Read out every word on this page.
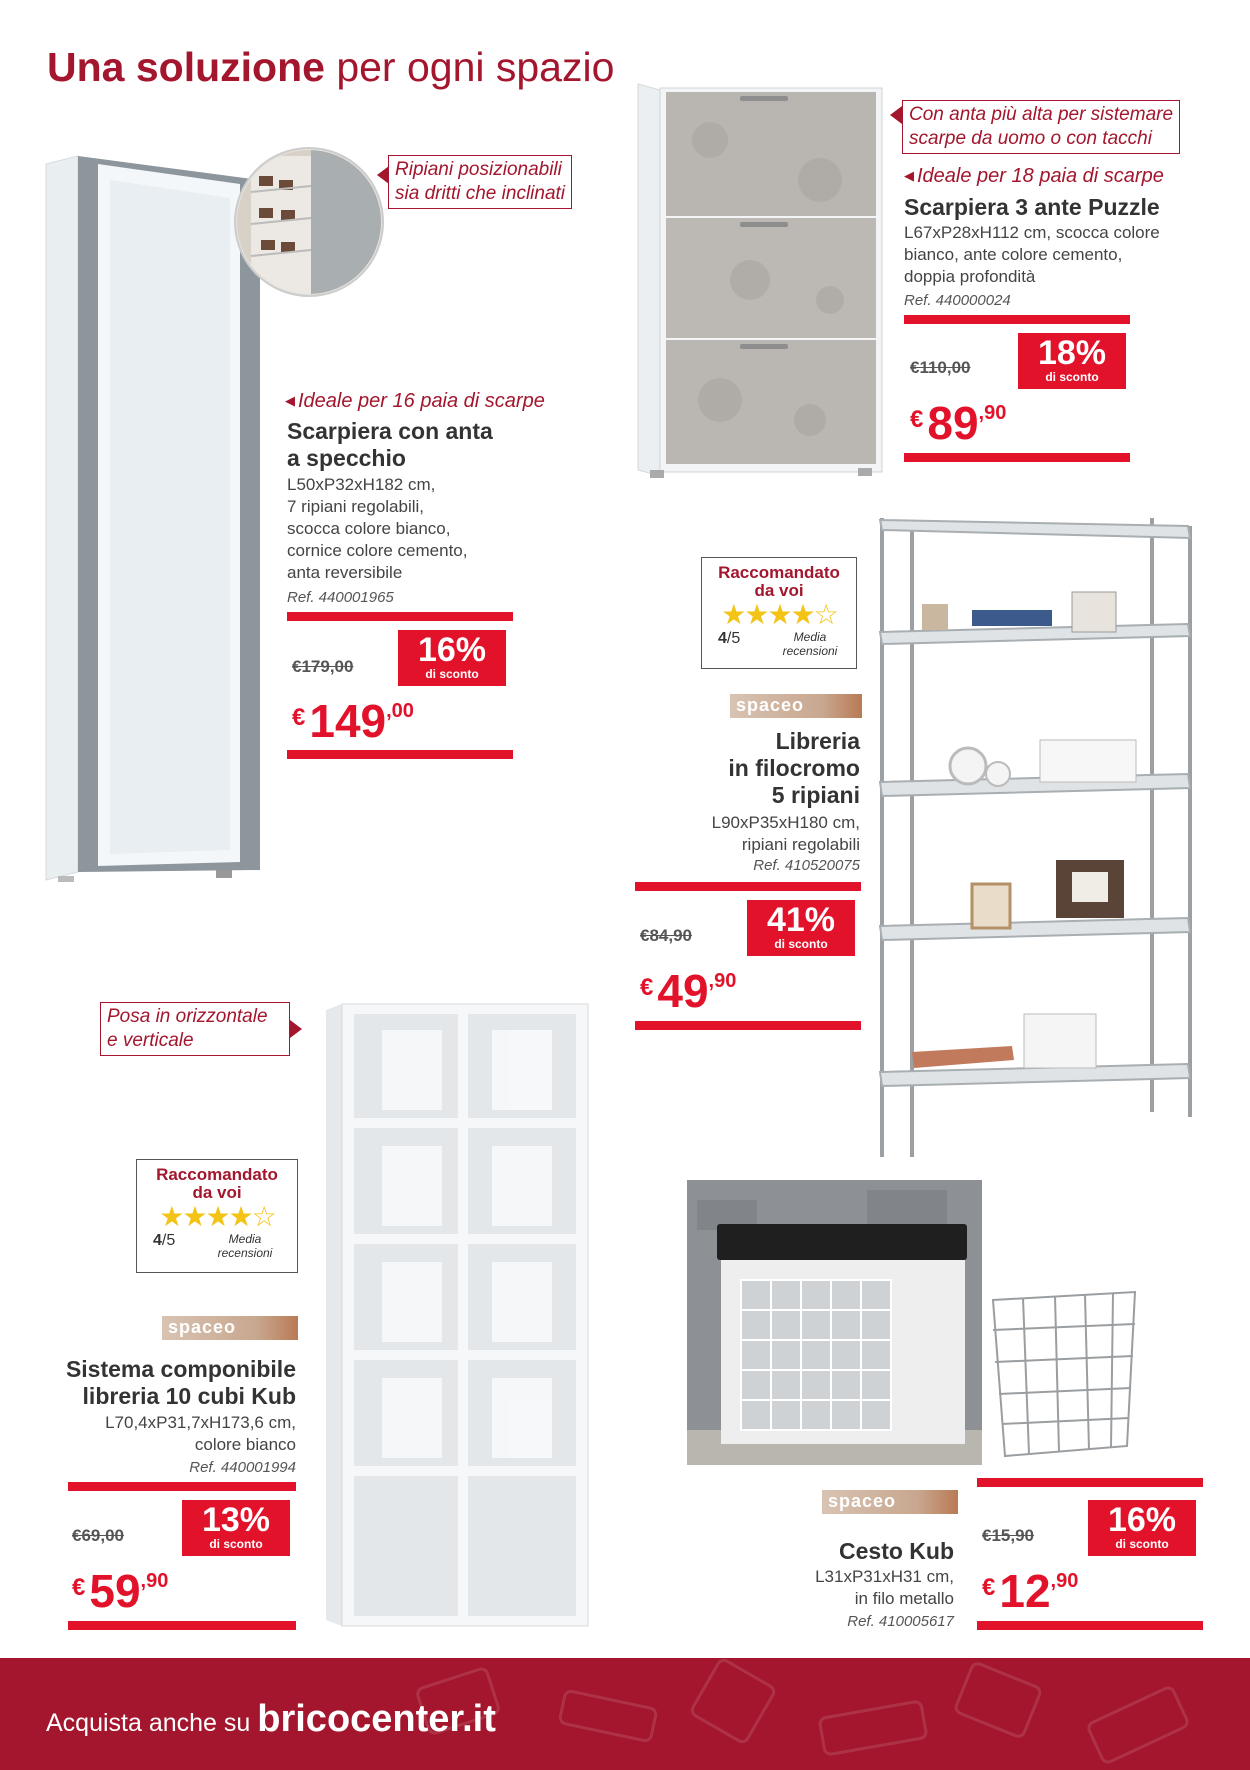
Una soluzione per ogni spazio
Ripiani posizionabili
sia dritti che inclinati
◀ Ideale per 16 paia di scarpe
Scarpiera con anta
a specchio
L50xP32xH182 cm,
7 ripiani regolabili,
scocca colore bianco,
cornice colore cemento,
anta reversibile
Ref. 440001965
€179,00	16%
di sconto
€149,00
Con anta più alta per sistemare
scarpe da uomo o con tacchi
◀ Ideale per 18 paia di scarpe
Scarpiera 3 ante Puzzle
L67xP28xH112 cm, scocca colore
bianco, ante colore cemento,
doppia profondità
Ref. 440000024
€110,00	18%
di sconto
€89,90
Raccomandato
da voi
★★★★☆
4/5	Media
recensioni
spaceo
Libreria
in filocromo
5 ripiani
L90xP35xH180 cm,
ripiani regolabili
Ref. 410520075
€84,90	41%
di sconto
€49,90
Posa in orizzontale
e verticale
Raccomandato
da voi
★★★★☆
4/5	Media
recensioni
spaceo
Sistema componibile
libreria 10 cubi Kub
L70,4xP31,7xH173,6 cm,
colore bianco
Ref. 440001994
€69,00	13%
di sconto
€59,90
spaceo
Cesto Kub
L31xP31xH31 cm,
in filo metallo
Ref. 410005617
€15,90	16%
di sconto
€12,90
Acquista anche su bricocenter.it
